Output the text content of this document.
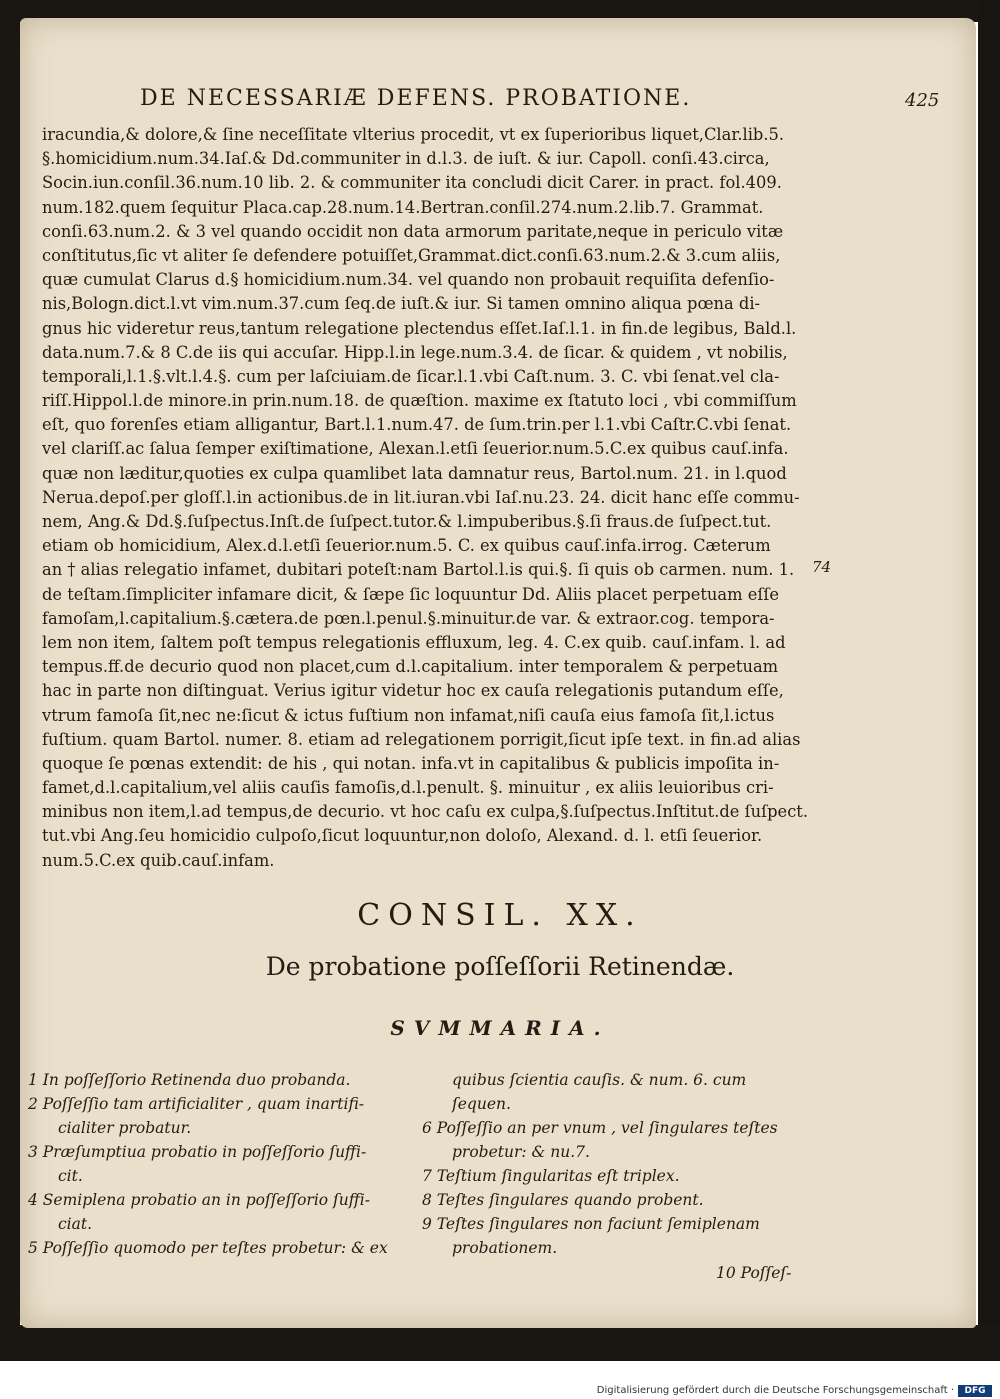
DE NECESSARIÆ DEFENS. PROBATIONE.	425
iracundia,& dolore,& ſine neceſſitate vlterius procedit, vt ex ſuperioribus liquet,Clar.lib.5.
§.homicidium.num.34.Iaſ.& Dd.communiter in d.l.3. de iuſt. & iur. Capoll. conſi.43.circa,
Socin.iun.conſil.36.num.10 lib. 2. & communiter ita concludi dicit Carer. in pract. fol.409.
num.182.quem ſequitur Placa.cap.28.num.14.Bertran.conſil.274.num.2.lib.7. Grammat.
conſi.63.num.2. & 3 vel quando occidit non data armorum paritate,neque in periculo vitæ
conſtitutus,ſic vt aliter ſe defendere potuiſſet,Grammat.dict.conſi.63.num.2.& 3.cum aliis,
quæ cumulat Clarus d.§ homicidium.num.34. vel quando non probauit requiſita defenſio-
nis,Bologn.dict.l.vt vim.num.37.cum ſeq.de iuſt.& iur. Si tamen omnino aliqua pœna di-
gnus hic videretur reus,tantum relegatione plectendus eſſet.Iaſ.l.1. in fin.de legibus, Bald.l.
data.num.7.& 8 C.de iis qui accuſar. Hipp.l.in lege.num.3.4. de ſicar. & quidem , vt nobilis,
temporali,l.1.§.vlt.l.4.§. cum per laſciuiam.de ſicar.l.1.vbi Caſt.num. 3. C. vbi ſenat.vel cla-
riſſ.Hippol.l.de minore.in prin.num.18. de quæſtion. maxime ex ſtatuto loci , vbi commiſſum
eſt, quo forenſes etiam alligantur, Bart.l.1.num.47. de ſum.trin.per l.1.vbi Caſtr.C.vbi ſenat.
vel clariſſ.ac ſalua ſemper exiſtimatione, Alexan.l.etſi ſeuerior.num.5.C.ex quibus cauſ.infa.
quæ non læditur,quoties ex culpa quamlibet lata damnatur reus, Bartol.num. 21. in l.quod
Nerua.depoſ.per gloſſ.l.in actionibus.de in lit.iuran.vbi Iaſ.nu.23. 24. dicit hanc eſſe commu-
nem, Ang.& Dd.§.ſuſpectus.Inſt.de ſuſpect.tutor.& l.impuberibus.§.ſi fraus.de ſuſpect.tut.
etiam ob homicidium, Alex.d.l.etſi ſeuerior.num.5. C. ex quibus cauſ.infa.irrog. Cæterum
an † alias relegatio infamet, dubitari poteſt:nam Bartol.l.is qui.§. ſi quis ob carmen. num. 1.
de teſtam.ſimpliciter infamare dicit, & ſæpe ſic loquuntur Dd. Aliis placet perpetuam eſſe
famoſam,l.capitalium.§.cætera.de pœn.l.penul.§.minuitur.de var. & extraor.cog. tempora-
lem non item, ſaltem poſt tempus relegationis effluxum, leg. 4. C.ex quib. cauſ.infam. l. ad
tempus.ff.de decurio quod non placet,cum d.l.capitalium. inter temporalem & perpetuam
hac in parte non diſtinguat. Verius igitur videtur hoc ex cauſa relegationis putandum eſſe,
vtrum famoſa ſit,nec ne:ſicut & ictus fuſtium non infamat,niſi cauſa eius famoſa ſit,l.ictus
fuſtium. quam Bartol. numer. 8. etiam ad relegationem porrigit,ſicut ipſe text. in fin.ad alias
quoque ſe pœnas extendit: de his , qui notan. infa.vt in capitalibus & publicis impoſita in-
famet,d.l.capitalium,vel aliis cauſis famoſis,d.l.penult. §. minuitur , ex aliis leuioribus cri-
minibus non item,l.ad tempus,de decurio. vt hoc caſu ex culpa,§.ſuſpectus.Inſtitut.de ſuſpect.
tut.vbi Ang.ſeu homicidio culpoſo,ſicut loquuntur,non doloſo, Alexand. d. l. etſi ſeuerior.
num.5.C.ex quib.cauſ.infam.
74
CONSIL. XX.
De probatione poſſeſſorii Retinendæ.
SVMMARIA.
1 In poſſeſſorio Retinenda duo probanda.
2 Poſſeſſio tam artificialiter , quam inartifi-
cialiter probatur.
3 Præſumptiua probatio in poſſeſſorio ſuffi-
cit.
4 Semiplena probatio an in poſſeſſorio ſuffi-
ciat.
5 Poſſeſſio quomodo per teſtes probetur: & ex
quibus ſcientia cauſis. & num. 6. cum
ſequen.
6 Poſſeſſio an per vnum , vel ſingulares teſtes
probetur: & nu.7.
7 Teſtium ſingularitas eſt triplex.
8 Teſtes ſingulares quando probent.
9 Teſtes ſingulares non faciunt ſemiplenam
probationem.
10 Poſſeſ-
Digitalisierung gefördert durch die Deutsche Forschungsgemeinschaft ·	DFG
